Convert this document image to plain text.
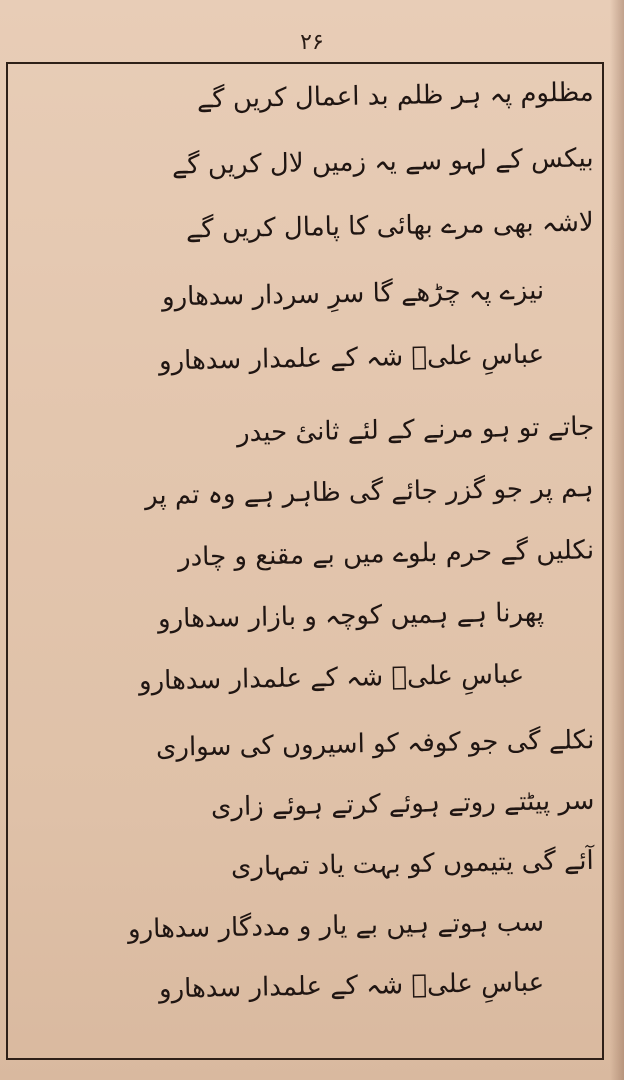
۲۶
مظلوم پہ ہر ظلم بد اعمال کریں گے
بیکس کے لہو سے یہ زمیں لال کریں گے
لاشہ بھی مرے بھائی کا پامال کریں گے
نیزے پہ چڑھے گا سرِ سردار سدھارو
عباسِ علیؑ شہ کے علمدار سدھارو
جاتے تو ہو مرنے کے لئے ثانیٔ حیدر
ہم پر جو گزر جائے گی ظاہر ہے وہ تم پر
نکلیں گے حرم بلوے میں بے مقنع و چادر
پھرنا ہے ہمیں کوچہ و بازار سدھارو
عباسِ علیؑ شہ کے علمدار سدھارو
نکلے گی جو کوفہ کو اسیروں کی سواری
سر پیٹتے روتے ہوئے کرتے ہوئے زاری
آئے گی یتیموں کو بہت یاد تمہاری
سب ہوتے ہیں بے یار و مددگار سدھارو
عباسِ علیؑ شہ کے علمدار سدھارو
